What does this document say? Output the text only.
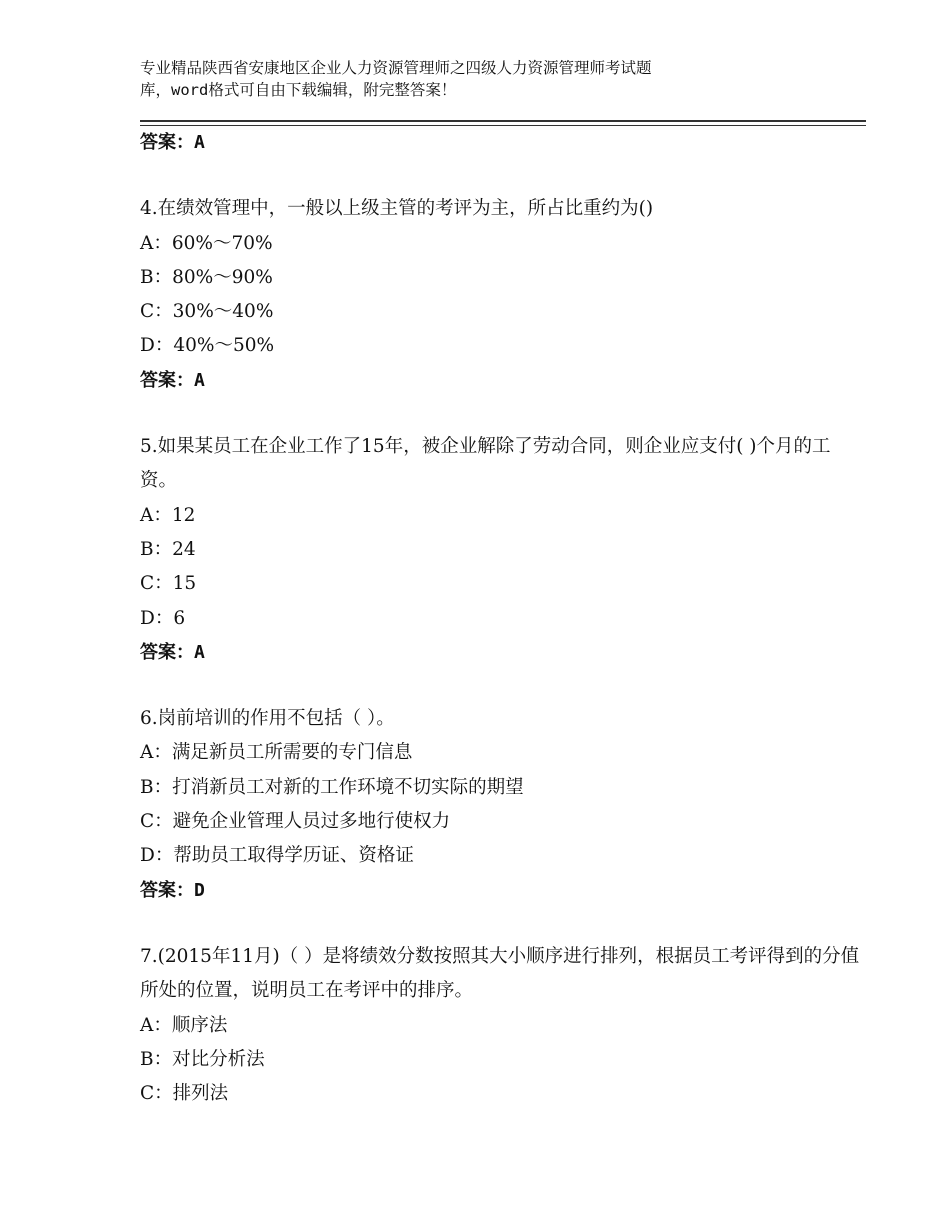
专业精品陕西省安康地区企业人力资源管理师之四级人力资源管理师考试题
库，word格式可自由下载编辑，附完整答案！
答案：A
4.在绩效管理中，一般以上级主管的考评为主，所占比重约为()
A：60%～70%
B：80%～90%
C：30%～40%
D：40%～50%
答案：A
5.如果某员工在企业工作了15年，被企业解除了劳动合同，则企业应支付( )个月的工资。
A：12
B：24
C：15
D：6
答案：A
6.岗前培训的作用不包括（ ）。
A：满足新员工所需要的专门信息
B：打消新员工对新的工作环境不切实际的期望
C：避免企业管理人员过多地行使权力
D：帮助员工取得学历证、资格证
答案：D
7.(2015年11月)（ ）是将绩效分数按照其大小顺序进行排列，根据员工考评得到的分值所处的位置，说明员工在考评中的排序。
A：顺序法
B：对比分析法
C：排列法
